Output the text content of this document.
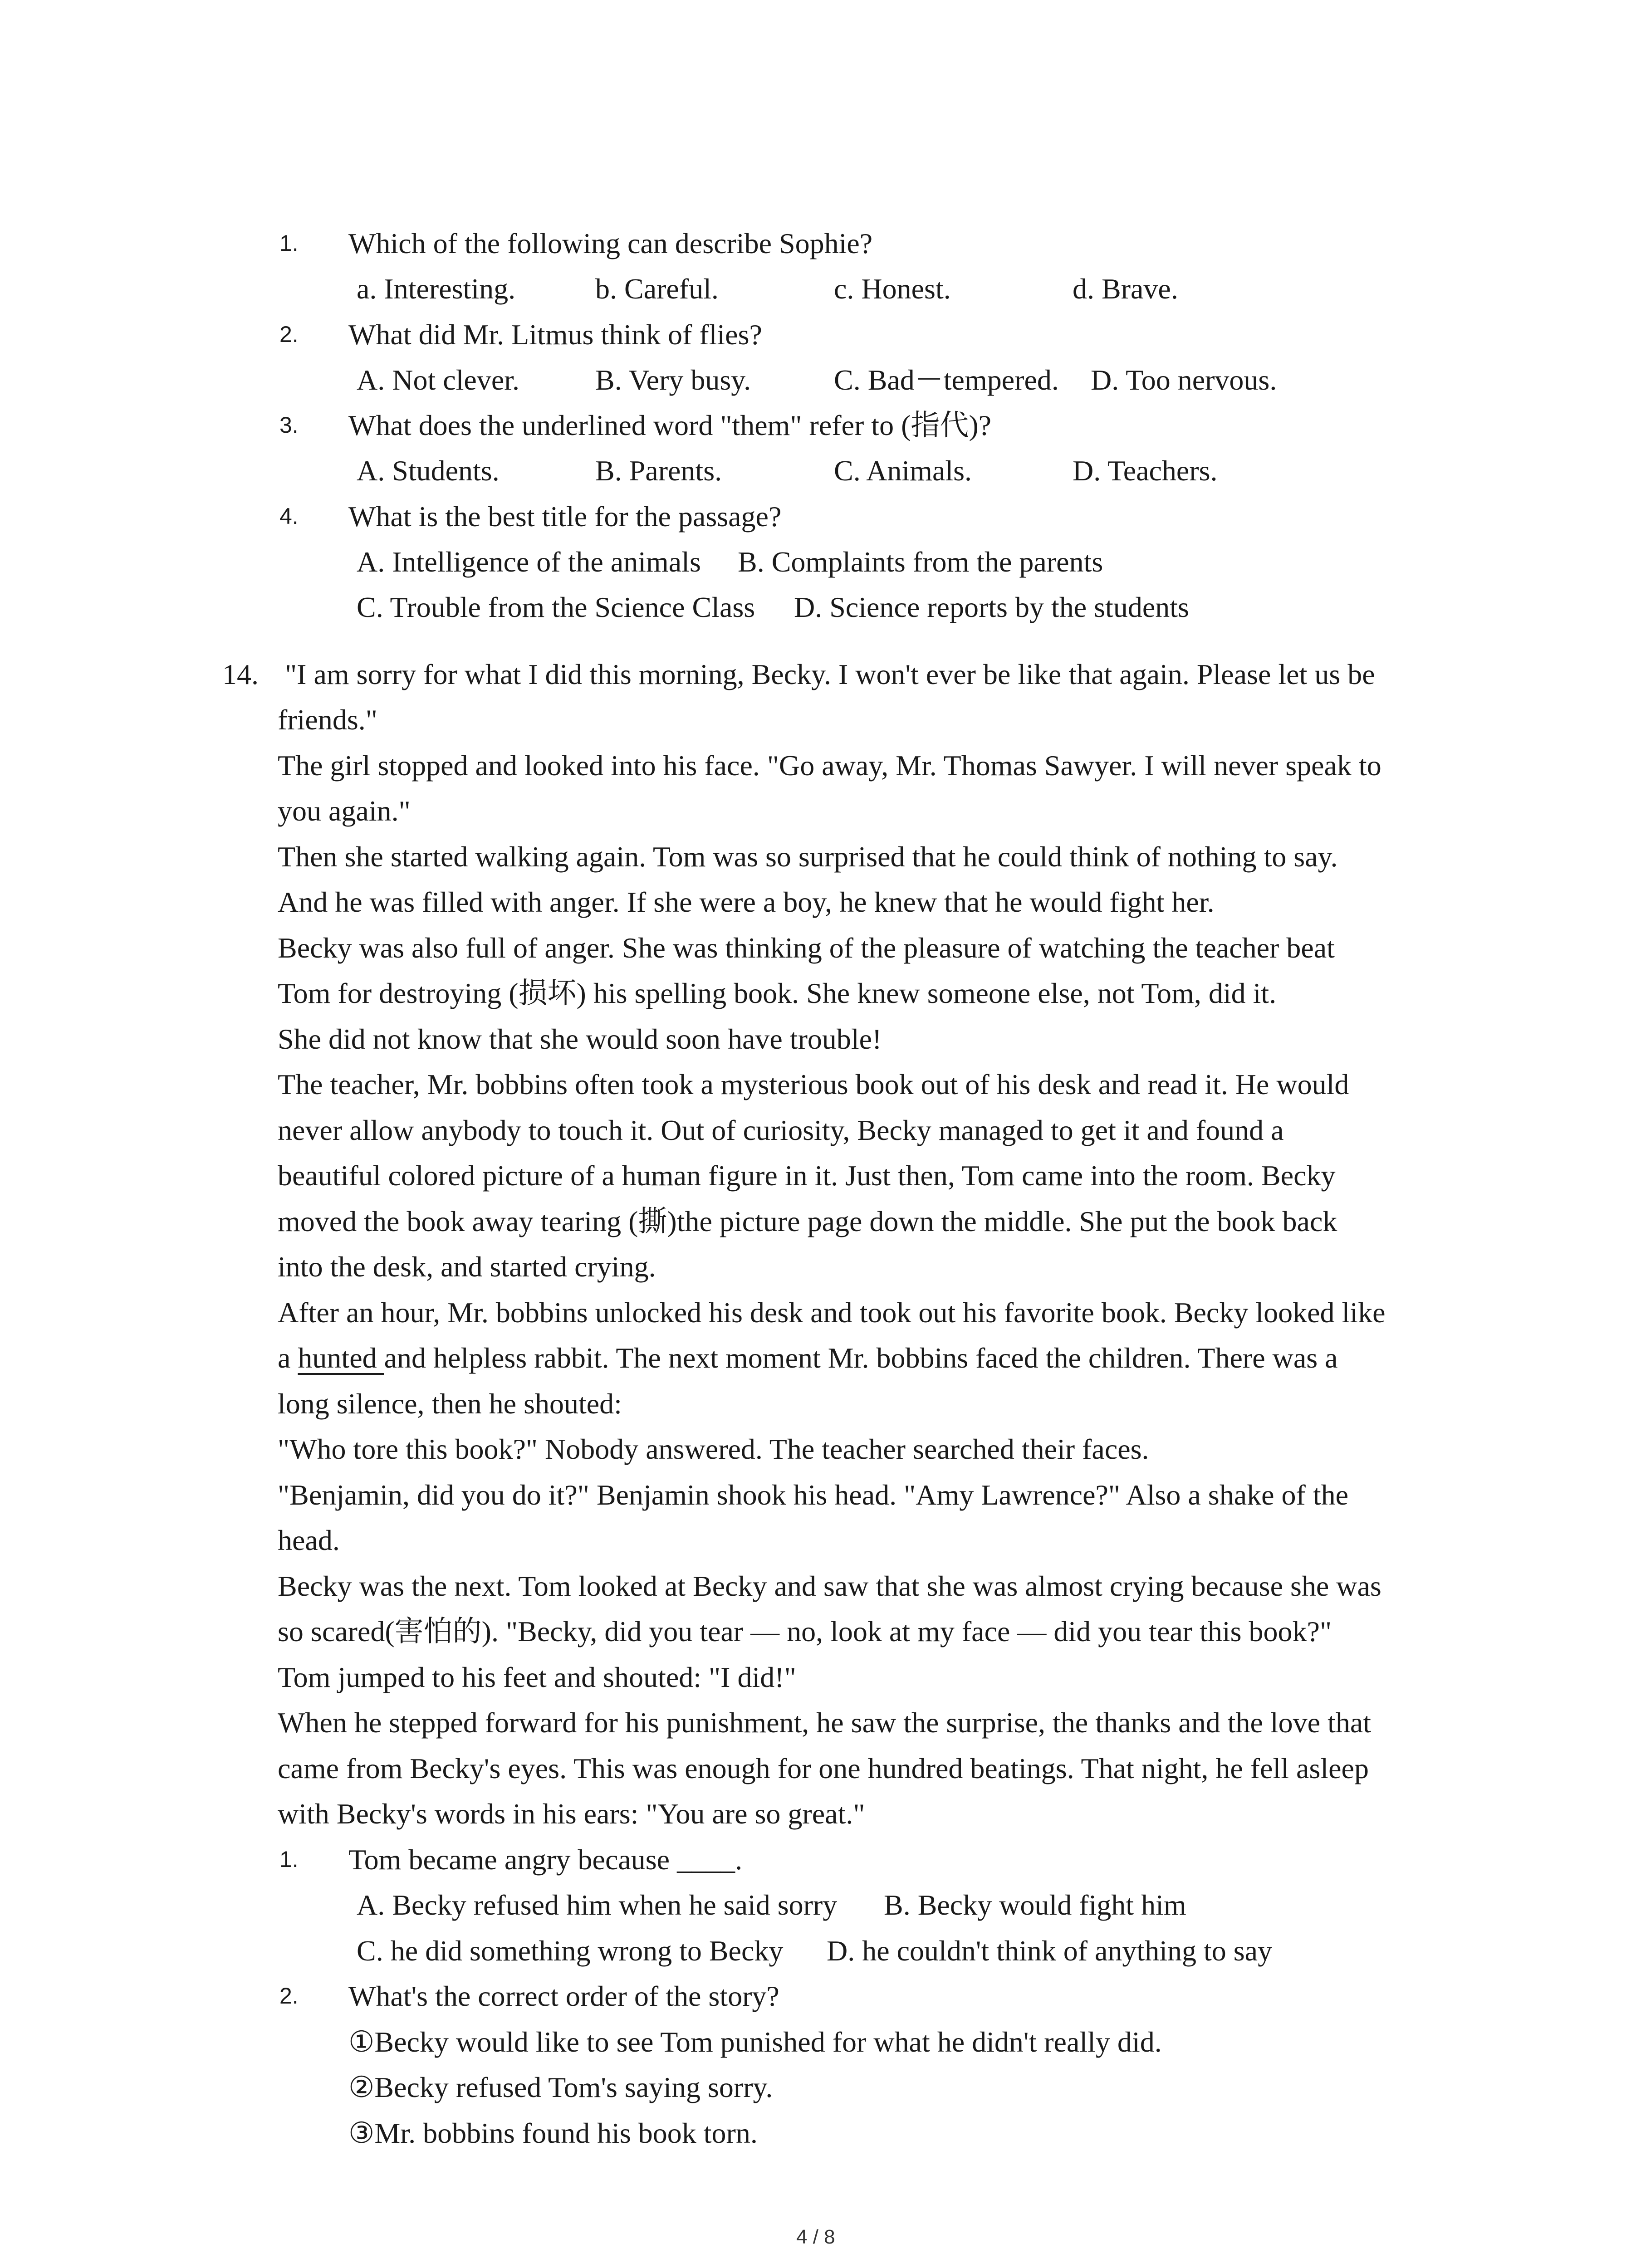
1. Which of the following can describe Sophie?
a. Interesting.	b. Careful.	c. Honest.	d. Brave.
2. What did Mr. Litmus think of flies?
A. Not clever.	B. Very busy.	C. Bad－tempered. D. Too nervous.
3. What does the underlined word "them" refer to (指代)?
A. Students.	B. Parents.	C. Animals.	D. Teachers.
4. What is the best title for the passage?
A. Intelligence of the animals B. Complaints from the parents
C. Trouble from the Science Class D. Science reports by the students
14. "I am sorry for what I did this morning, Becky. I won't ever be like that again. Please let us be
friends."
The girl stopped and looked into his face. "Go away, Mr. Thomas Sawyer. I will never speak to
you again."
Then she started walking again. Tom was so surprised that he could think of nothing to say.
And he was filled with anger. If she were a boy, he knew that he would fight her.
Becky was also full of anger. She was thinking of the pleasure of watching the teacher beat
Tom for destroying (损坏) his spelling book. She knew someone else, not Tom, did it.
She did not know that she would soon have trouble!
The teacher, Mr. bobbins often took a mysterious book out of his desk and read it. He would
never allow anybody to touch it. Out of curiosity, Becky managed to get it and found a
beautiful colored picture of a human figure in it. Just then, Tom came into the room. Becky
moved the book away tearing (撕)the picture page down the middle. She put the book back
into the desk, and started crying.
After an hour, Mr. bobbins unlocked his desk and took out his favorite book. Becky looked like
a hunted and helpless rabbit. The next moment Mr. bobbins faced the children. There was a
long silence, then he shouted:
"Who tore this book?" Nobody answered. The teacher searched their faces.
"Benjamin, did you do it?" Benjamin shook his head. "Amy Lawrence?" Also a shake of the
head.
Becky was the next. Tom looked at Becky and saw that she was almost crying because she was
so scared(害怕的). "Becky, did you tear — no, look at my face — did you tear this book?"
Tom jumped to his feet and shouted: "I did!"
When he stepped forward for his punishment, he saw the surprise, the thanks and the love that
came from Becky's eyes. This was enough for one hundred beatings. That night, he fell asleep
with Becky's words in his ears: "You are so great."
1. Tom became angry because ____.
A. Becky refused him when he said sorry B. Becky would fight him
C. he did something wrong to Becky D. he couldn't think of anything to say
2. What's the correct order of the story?
①Becky would like to see Tom punished for what he didn't really did.
②Becky refused Tom's saying sorry.
③Mr. bobbins found his book torn.
4 / 8
